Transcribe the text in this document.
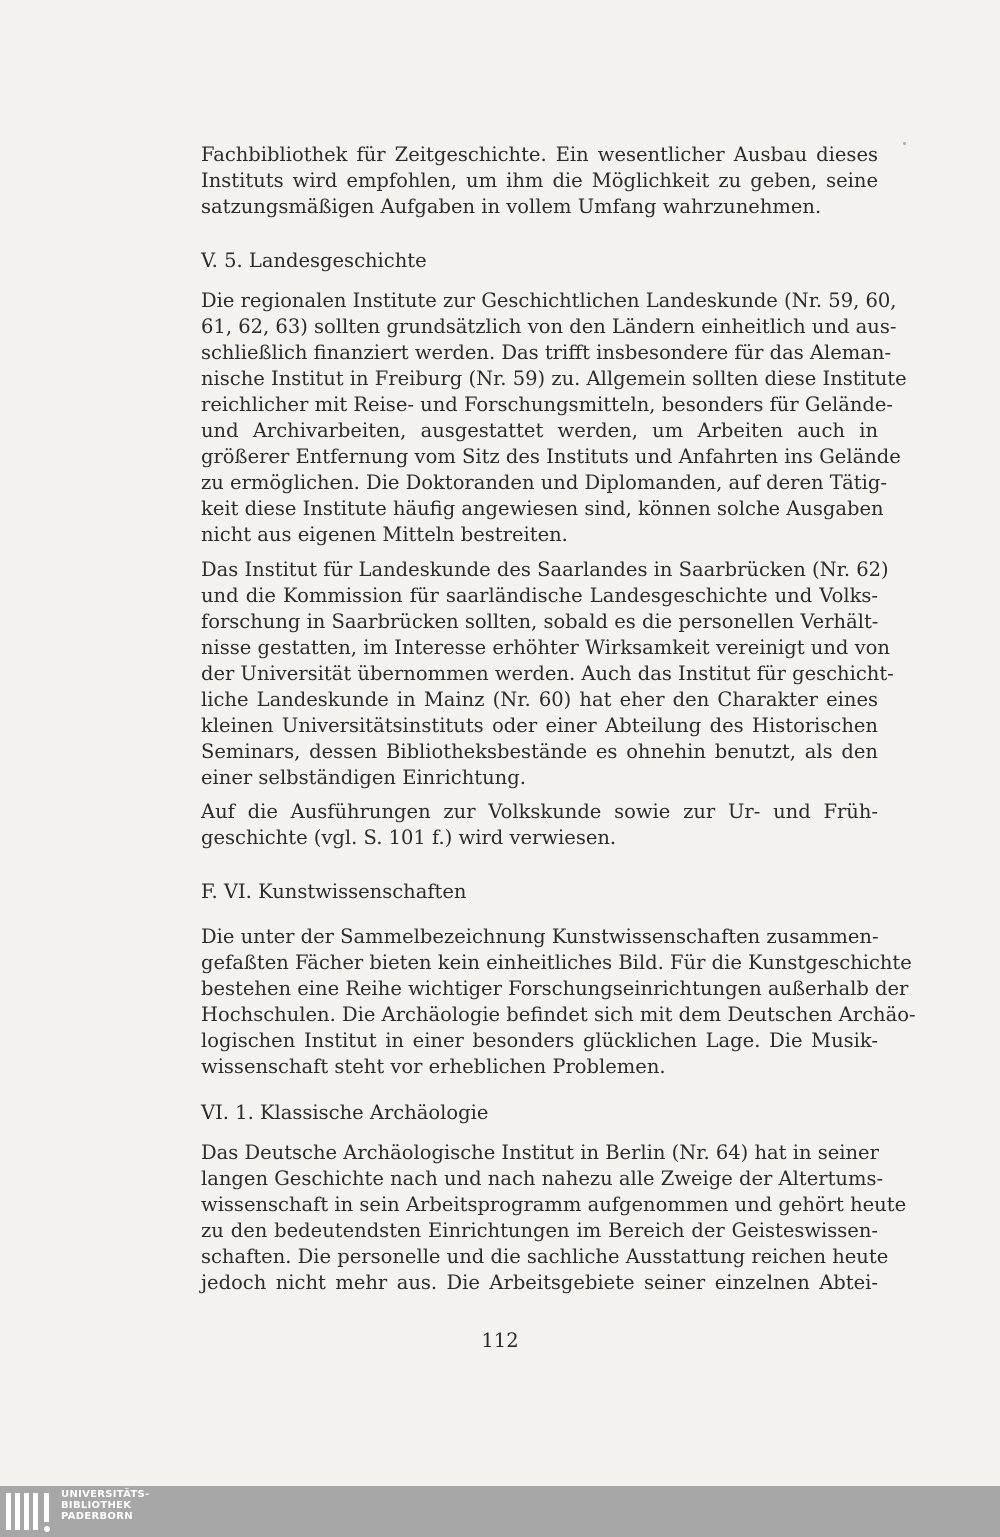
Fachbibliothek für Zeitgeschichte. Ein wesentlicher Ausbau dieses
Instituts wird empfohlen, um ihm die Möglichkeit zu geben, seine
satzungsmäßigen Aufgaben in vollem Umfang wahrzunehmen.

V. 5. Landesgeschichte

Die regionalen Institute zur Geschichtlichen Landeskunde (Nr. 59, 60,
61, 62, 63) sollten grundsätzlich von den Ländern einheitlich und aus-
schließlich finanziert werden. Das trifft insbesondere für das Aleman-
nische Institut in Freiburg (Nr. 59) zu. Allgemein sollten diese Institute
reichlicher mit Reise- und Forschungsmitteln, besonders für Gelände-
und Archivarbeiten, ausgestattet werden, um Arbeiten auch in
größerer Entfernung vom Sitz des Instituts und Anfahrten ins Gelände
zu ermöglichen. Die Doktoranden und Diplomanden, auf deren Tätig-
keit diese Institute häufig angewiesen sind, können solche Ausgaben
nicht aus eigenen Mitteln bestreiten.

Das Institut für Landeskunde des Saarlandes in Saarbrücken (Nr. 62)
und die Kommission für saarländische Landesgeschichte und Volks-
forschung in Saarbrücken sollten, sobald es die personellen Verhält-
nisse gestatten, im Interesse erhöhter Wirksamkeit vereinigt und von
der Universität übernommen werden. Auch das Institut für geschicht-
liche Landeskunde in Mainz (Nr. 60) hat eher den Charakter eines
kleinen Universitätsinstituts oder einer Abteilung des Historischen
Seminars, dessen Bibliotheksbestände es ohnehin benutzt, als den
einer selbständigen Einrichtung.

Auf die Ausführungen zur Volkskunde sowie zur Ur- und Früh-
geschichte (vgl. S. 101 f.) wird verwiesen.

F. VI. Kunstwissenschaften

Die unter der Sammelbezeichnung Kunstwissenschaften zusammen-
gefaßten Fächer bieten kein einheitliches Bild. Für die Kunstgeschichte
bestehen eine Reihe wichtiger Forschungseinrichtungen außerhalb der
Hochschulen. Die Archäologie befindet sich mit dem Deutschen Archäo-
logischen Institut in einer besonders glücklichen Lage. Die Musik-
wissenschaft steht vor erheblichen Problemen.

VI. 1. Klassische Archäologie

Das Deutsche Archäologische Institut in Berlin (Nr. 64) hat in seiner
langen Geschichte nach und nach nahezu alle Zweige der Altertums-
wissenschaft in sein Arbeitsprogramm aufgenommen und gehört heute
zu den bedeutendsten Einrichtungen im Bereich der Geisteswissen-
schaften. Die personelle und die sachliche Ausstattung reichen heute
jedoch nicht mehr aus. Die Arbeitsgebiete seiner einzelnen Abtei-

112
UNIVERSITÄTS-
BIBLIOTHEK
PADERBORN
